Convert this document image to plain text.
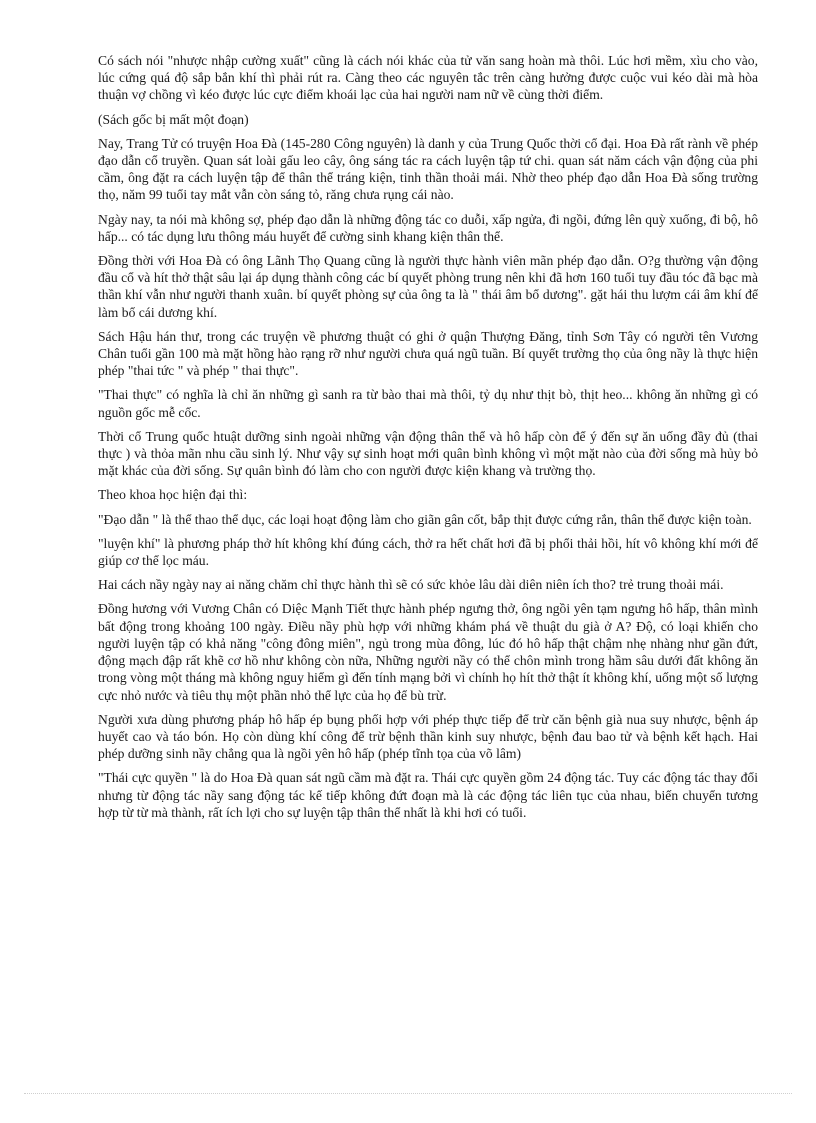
Có sách nói "nhược nhập cường xuất" cũng là cách nói khác của tử văn sang hoàn mà thôi. Lúc hơi mềm, xìu cho vào, lúc cứng quá độ sắp bắn khí thì phải rút ra. Càng theo các nguyên tắc trên càng hưởng được cuộc vui kéo dài mà hòa thuận vợ chồng vì kéo được lúc cực điểm khoái lạc của hai người nam nữ về cùng thời điểm.

(Sách gốc bị mất một đoạn)

Nay, Trang Tử có truyện Hoa Đà (145-280 Công nguyên) là danh y của Trung Quốc thời cổ đại. Hoa Đà rất rành về phép đạo dẫn cổ truyền. Quan sát loài gấu leo cây, ông sáng tác ra cách luyện tập tứ chi. quan sát năm cách vận động của phi cầm, ông đặt ra cách luyện tập để thân thể tráng kiện, tinh thần thoải mái. Nhờ theo phép đạo dẫn Hoa Đà sống trường thọ, năm 99 tuổi tay mắt vẫn còn sáng tỏ, răng chưa rụng cái nào.

Ngày nay, ta nói mà không sợ, phép đạo dẫn là những động tác co duỗi, xấp ngửa, đi ngồi, đứng lên quỳ xuống, đi bộ, hô hấp... có tác dụng lưu thông máu huyết để cường sinh khang kiện thân thể.

Đồng thời với Hoa Đà có ông Lãnh Thọ Quang cũng là người thực hành viên mãn phép đạo dẫn. O?g thường vận động đầu cổ và hít thở thật sâu lại áp dụng thành công các bí quyết phòng trung nên khi đã hơn 160 tuổi tuy đầu tóc đã bạc mà thần khí vẫn như người thanh xuân. bí quyết phòng sự của ông ta là " thái âm bổ dương". gặt hái thu lượm cái âm khí để làm bổ cái dương khí.

Sách Hậu hán thư, trong các truyện về phương thuật có ghi ở quận Thượng Đăng, tỉnh Sơn Tây có người tên Vương Chân tuổi gần 100 mà mặt hồng hào rạng rỡ như người chưa quá ngũ tuần. Bí quyết trường thọ của ông nầy là thực hiện phép "thai tức " và phép " thai thực".

"Thai thực" có nghĩa là chỉ ăn những gì sanh ra từ bào thai mà thôi, tỷ dụ như thịt bò, thịt heo... không ăn những gì có nguồn gốc mễ cốc.

Thời cổ Trung quốc htuật dưỡng sinh ngoài những vận động thân thể và hô hấp còn để ý đến sự ăn uống đầy đủ (thai thực ) và thỏa mãn nhu cầu sinh lý. Như vậy sự sinh hoạt mới quân bình không vì một mặt nào của đời sống mà hủy bỏ mặt khác của đời sống. Sự quân bình đó làm cho con người được kiện khang và trường thọ.

Theo khoa học hiện đại thì:

"Đạo dẫn " là thể thao thể dục, các loại hoạt động làm cho giãn gân cốt, bắp thịt được cứng rắn, thân thể được kiện toàn.

"luyện khí" là phương pháp thở hít không khí đúng cách, thở ra hết chất hơi đã bị phổi thải hồi, hít vô không khí mới để giúp cơ thể lọc máu.

Hai cách nầy ngày nay ai năng chăm chỉ thực hành thì sẽ có sức khỏe lâu dài diên niên ích tho? trẻ trung thoải mái.

Đồng hương với Vương Chân có Diệc Mạnh Tiết thực hành phép ngưng thở, ông ngồi yên tạm ngưng hô hấp, thân mình bất động trong khoảng 100 ngày. Điều nầy phù hợp với những khám phá về thuật du già ở A? Độ, có loại khiến cho người luyện tập có khả năng "công đông miên", ngủ trong mùa đông, lúc đó hô hấp thật chậm nhẹ nhàng như gần đứt, động mạch đập rất khẽ cơ hồ như không còn nữa, Những người nầy có thể chôn mình trong hầm sâu dưới đất không ăn trong vòng một tháng mà không nguy hiểm gì đến tính mạng bởi vì chính họ hít thở thật ít không khí, uống một số lượng cực nhỏ nước và tiêu thụ một phần nhỏ thể lực của họ để bù trừ.

Người xưa dùng phương pháp hô hấp ép bụng phối hợp với phép thực tiếp để trừ căn bệnh già nua suy nhược, bệnh áp huyết cao và táo bón. Họ còn dùng khí công để trừ bệnh thần kinh suy nhược, bệnh đau bao tử và bệnh kết hạch. Hai phép dưỡng sinh nầy chẳng qua là ngồi yên hô hấp (phép tĩnh tọa của võ lâm)

"Thái cực quyền " là do Hoa Đà quan sát ngũ cầm mà đặt ra. Thái cực quyền gồm 24 động tác. Tuy các động tác thay đổi nhưng từ động tác nầy sang động tác kế tiếp không đứt đoạn mà là các động tác liên tục của nhau, biến chuyển tương hợp từ từ mà thành, rất ích lợi cho sự luyện tập thân thể nhất là khi hơi có tuổi.
